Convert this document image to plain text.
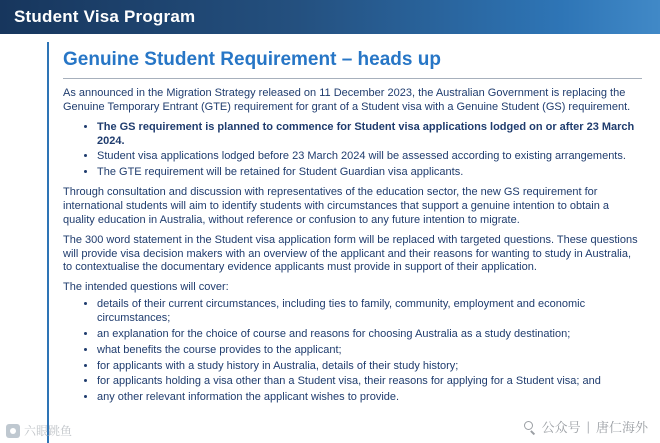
Student Visa Program
Genuine Student Requirement – heads up

As announced in the Migration Strategy released on 11 December 2023, the Australian Government is replacing the Genuine Temporary Entrant (GTE) requirement for grant of a Student visa with a Genuine Student (GS) requirement.

• The GS requirement is planned to commence for Student visa applications lodged on or after 23 March 2024.
• Student visa applications lodged before 23 March 2024 will be assessed according to existing arrangements.
• The GTE requirement will be retained for Student Guardian visa applicants.

Through consultation and discussion with representatives of the education sector, the new GS requirement for international students will aim to identify students with circumstances that support a genuine intention to obtain a quality education in Australia, without reference or confusion to any future intention to migrate.

The 300 word statement in the Student visa application form will be replaced with targeted questions. These questions will provide visa decision makers with an overview of the applicant and their reasons for wanting to study in Australia, to contextualise the documentary evidence applicants must provide in support of their application.

The intended questions will cover:

• details of their current circumstances, including ties to family, community, employment and economic circumstances;
• an explanation for the choice of course and reasons for choosing Australia as a study destination;
• what benefits the course provides to the applicant;
• for applicants with a study history in Australia, details of their study history;
• for applicants holding a visa other than a Student visa, their reasons for applying for a Student visa; and
• any other relevant information the applicant wishes to provide.
六眼跳鱼	公众号 | 唐仁海外
